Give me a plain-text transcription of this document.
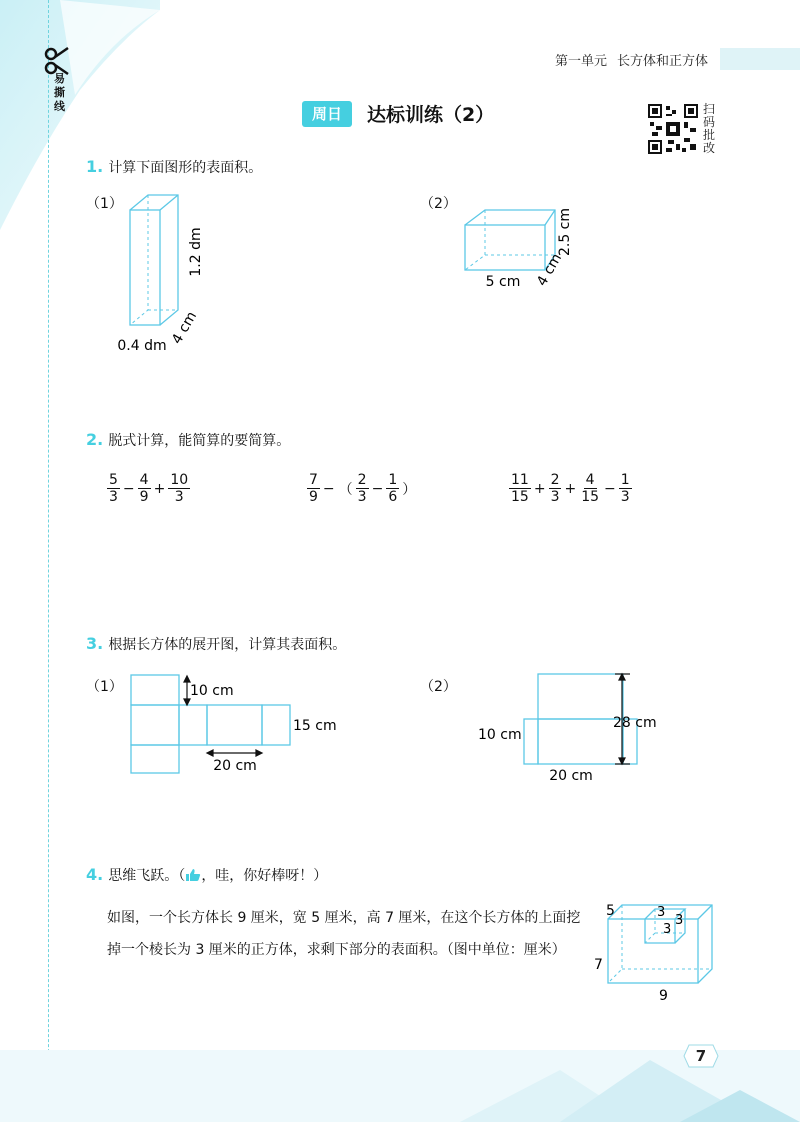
易撕线
第一单元 长方体和正方体
周日	达标训练（2）	扫码批改
1. 计算下面图形的表面积。
（1）	（2）
1.2 dm
4 cm
0.4 dm
2.5 cm
4 cm
5 cm
2. 脱式计算，能简算的要简算。
$\frac{5}{3} - \frac{4}{9} + \frac{10}{3}$	$\frac{7}{9}$ − （ $\frac{2}{3} - \frac{1}{6}$ ）	$\frac{11}{15} + \frac{2}{3} + \frac{4}{15} - \frac{1}{3}$
3. 根据长方体的展开图，计算其表面积。
（1）	（2）
10 cm
15 cm
20 cm
10 cm
28 cm
20 cm
4. 思维飞跃。（ ，哇，你好棒呀！）
如图，一个长方体长 9 厘米，宽 5 厘米，高 7 厘米，在这个长方体的上面挖掉一个棱长为 3 厘米的正方体，求剩下部分的表面积。（图中单位：厘米）
5	3
3
3
7
9
7
